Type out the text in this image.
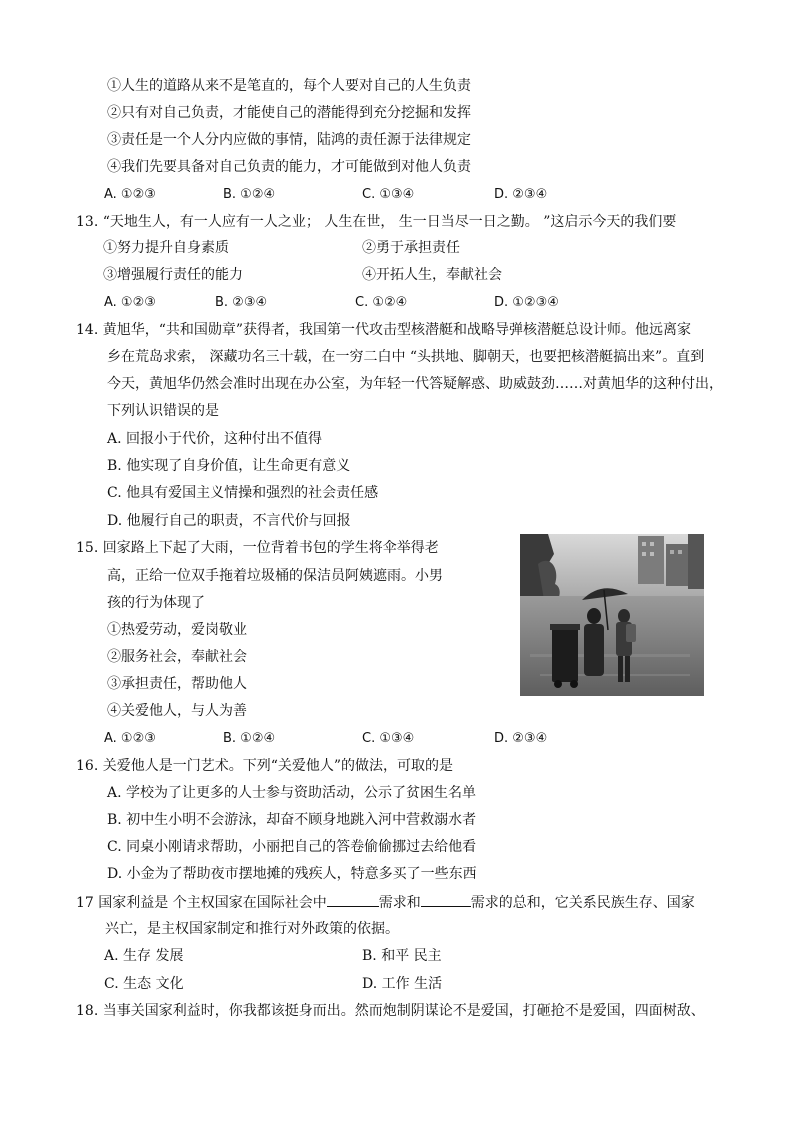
①人生的道路从来不是笔直的，每个人要对自己的人生负责
②只有对自己负责，才能使自己的潜能得到充分挖掘和发挥
③责任是一个人分内应做的事情，陆鸿的责任源于法律规定
④我们先要具备对自己负责的能力，才可能做到对他人负责
A. ①②③	B. ①②④	C. ①③④	D. ②③④
13. “天地生人，有一人应有一人之业； 人生在世， 生一日当尽一日之勤。 ”这启示今天的我们要
①努力提升自身素质	②勇于承担责任
③增强履行责任的能力	④开拓人生，奉献社会
A. ①②③	B. ②③④	C. ①②④	D. ①②③④
14. 黄旭华，“共和国勋章”获得者，我国第一代攻击型核潜艇和战略导弹核潜艇总设计师。他远离家
乡在荒岛求索， 深藏功名三十载，在一穷二白中 “头拱地、脚朝天，也要把核潜艇搞出来”。直到
今天，黄旭华仍然会准时出现在办公室，为年轻一代答疑解惑、助威鼓劲……对黄旭华的这种付出，
下列认识错误的是
A. 回报小于代价，这种付出不值得
B. 他实现了自身价值，让生命更有意义
C. 他具有爱国主义情操和强烈的社会责任感
D. 他履行自己的职责，不言代价与回报
15. 回家路上下起了大雨，一位背着书包的学生将伞举得老
高，正给一位双手拖着垃圾桶的保洁员阿姨遮雨。小男
孩的行为体现了
①热爱劳动，爱岗敬业
②服务社会，奉献社会
③承担责任，帮助他人
④关爱他人，与人为善
A. ①②③	B. ①②④	C. ①③④	D. ②③④
16. 关爱他人是一门艺术。下列“关爱他人”的做法，可取的是
A. 学校为了让更多的人士参与资助活动，公示了贫困生名单
B. 初中生小明不会游泳，却奋不顾身地跳入河中营救溺水者
C. 同桌小刚请求帮助，小丽把自己的答卷偷偷挪过去给他看
D. 小金为了帮助夜市摆地摊的残疾人，特意多买了一些东西
17 国家利益是 个主权国家在国际社会中	需求和	需求的总和，它关系民族生存、国家
兴亡，是主权国家制定和推行对外政策的依据。
A. 生存 发展	B. 和平 民主
C. 生态 文化	D. 工作 生活
18. 当事关国家利益时，你我都该挺身而出。然而炮制阴谋论不是爱国，打砸抢不是爱国，四面树敌、
